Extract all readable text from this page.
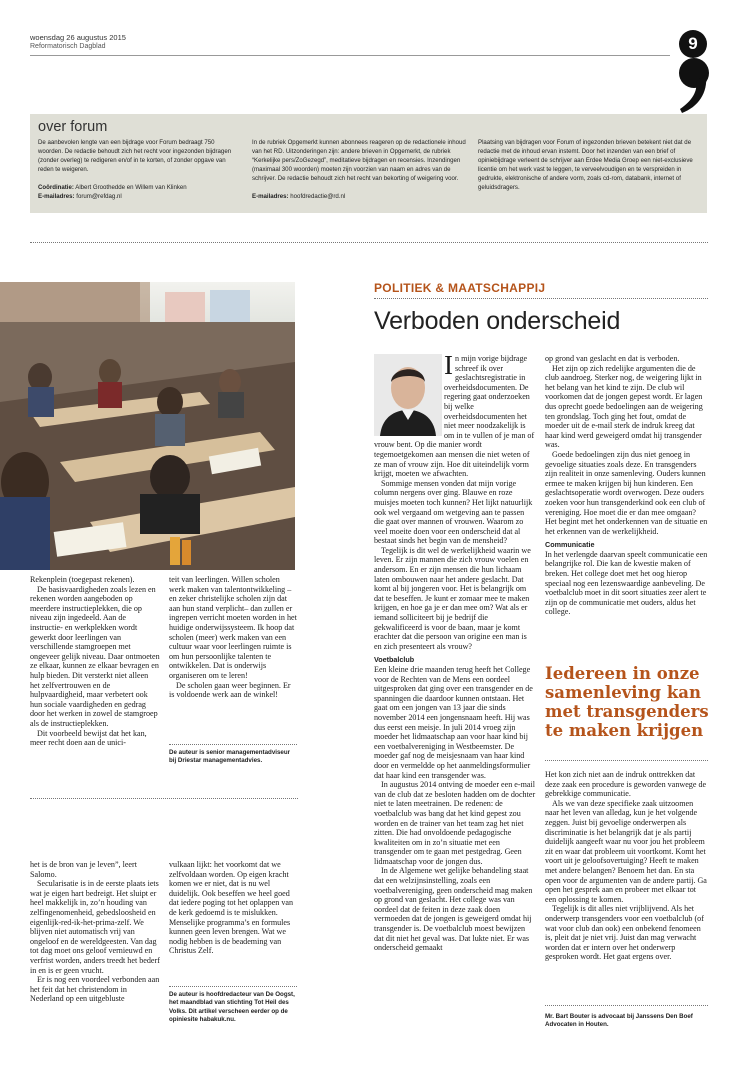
woensdag 26 augustus 2015
Reformatorisch Dagblad	9
over forum
De aanbevolen lengte van een bijdrage voor Forum bedraagt 750 woorden. De redactie behoudt zich het recht voor ingezonden bijdragen (zonder overleg) te redigeren en/of in te korten, of zonder opgave van reden te weigeren.
Coördinatie: Albert Groothedde en Willem van Klinken
E-mailadres: forum@refdag.nl
In de rubriek Opgemerkt kunnen abonnees reageren op de redactionele inhoud van het RD. Uitzonderingen zijn: andere brieven in Opgemerkt, de rubriek “Kerkelijke pers/ZoGezegd”, meditatieve bijdragen en recensies. Inzendingen (maximaal 300 woorden) moeten zijn voorzien van naam en adres van de schrijver. De redactie behoudt zich het recht van bekorting of weigering voor.
E-mailadres: hoofdredactie@rd.nl
Plaatsing van bijdragen voor Forum of ingezonden brieven betekent niet dat de redactie met de inhoud ervan instemt. Door het inzenden van een brief of opiniebijdrage verleent de schrijver aan Erdee Media Groep een niet-exclusieve licentie om het werk vast te leggen, te verveelvoudigen en te verspreiden in gedrukte, elektronische of andere vorm, zoals cd-rom, databank, internet of geluidsdragers.

Rekenplein (toegepast rekenen).

De basisvaardigheden zoals lezen en rekenen worden aangeboden op meerdere instructieplekken, die op niveau zijn ingedeeld. Aan de instructie- en werkplekken wordt gewerkt door leerlingen van verschillende stamgroepen met ongeveer gelijk niveau. Daar ontmoeten ze elkaar, kunnen ze elkaar bevragen en hulp bieden. Dit versterkt niet alleen het zelfvertrouwen en de hulpvaardigheid, maar verbetert ook hun sociale vaardigheden en gedrag door het werken in zowel de stamgroep als de instructieplekken.

Dit voorbeeld bewijst dat het kan, meer recht doen aan de unici-

teit van leerlingen. Willen scholen werk maken van talentontwikkeling –en zeker christelijke scholen zijn dat aan hun stand verplicht– dan zullen er ingrepen verricht moeten worden in het huidige onderwijssysteem. Ik hoop dat scholen (meer) werk maken van een cultuur waar voor leerlingen ruimte is om hun persoonlijke talenten te ontwikkelen. Dat is onderwijs organiseren om te leren!

De scholen gaan weer beginnen. Er is voldoende werk aan de winkel!

De auteur is senior managementadviseur bij Driestar managementadvies.

het is de bron van je leven”, leert Salomo.

Secularisatie is in de eerste plaats iets wat je eigen hart bedreigt. Het sluipt er heel makkelijk in, zo’n houding van zelfingenomenheid, gebedsloosheid en eigenlijk-red-ik-het-prima-zelf. We blijven niet automatisch vrij van ongeloof en de wereldgeesten. Van dag tot dag moet ons geloof vernieuwd en verfrist worden, anders treedt het bederf in en is er geen vrucht.

Er is nog een voordeel verbonden aan het feit dat het christendom in Nederland op een uitgebluste

vulkaan lijkt: het voorkomt dat we zelfvoldaan worden. Op eigen kracht komen we er niet, dat is nu wel duidelijk. Ook beseffen we heel goed dat iedere poging tot het oplappen van de kerk gedoemd is te mislukken. Menselijke programma’s en formules kunnen geen leven brengen. Wat we nodig hebben is de beademing van Christus Zelf.

De auteur is hoofdredacteur van De Oogst, het maandblad van stichting Tot Heil des Volks. Dit artikel verscheen eerder op de opiniesite habakuk.nu.
POLITIEK & MAATSCHAPPIJ
Verboden onderscheid

In mijn vorige bijdrage schreef ik over geslachtsregistratie in overheidsdocumenten. De regering gaat onderzoeken bij welke overheidsdocumenten het niet meer noodzakelijk is om in te vullen of je man of vrouw bent. Op die manier wordt tegemoetgekomen aan mensen die niet weten of ze man of vrouw zijn. Hoe dit uiteindelijk vorm krijgt, moeten we afwachten.

Sommige mensen vonden dat mijn vorige column nergens over ging. Blauwe en roze muisjes moeten toch kunnen? Het lijkt natuurlijk ook wel vergaand om wetgeving aan te passen die gaat over mannen of vrouwen. Waarom zo veel moeite doen voor een onderscheid dat al bestaat sinds het begin van de mensheid?

Tegelijk is dit wel de werkelijkheid waarin we leven. Er zijn mannen die zich vrouw voelen en andersom. En er zijn mensen die hun lichaam laten ombouwen naar het andere geslacht. Dat komt al bij jongeren voor. Het is belangrijk om dat te beseffen. Je kunt er zomaar mee te maken krijgen, en hoe ga je er dan mee om? Wat als er iemand solliciteert bij je bedrijf die gekwalificeerd is voor de baan, maar je komt erachter dat die persoon van origine een man is en zich presenteert als vrouw?

Voetbalclub

Een kleine drie maanden terug heeft het College voor de Rechten van de Mens een oordeel uitgesproken dat ging over een transgender en de spanningen die daardoor kunnen ontstaan. Het gaat om een jongen van 13 jaar die sinds november 2014 een jongensnaam heeft. Hij was dus eerst een meisje. In juli 2014 vroeg zijn moeder het lidmaatschap aan voor haar kind bij een voetbalvereniging in Westbeemster. De moeder gaf nog de meisjesnaam van haar kind door en vermeldde op het aanmeldingsformulier dat haar kind een transgender was.

In augustus 2014 ontving de moeder een e-mail van de club dat ze besloten hadden om de dochter niet te laten meetrainen. De redenen: de voetbalclub was bang dat het kind gepest zou worden en de trainer van het team zag het niet zitten. Die had onvoldoende pedagogische kwaliteiten om in zo’n situatie met een transgender om te gaan met pestgedrag. Geen lidmaatschap voor de jongen dus.

In de Algemene wet gelijke behandeling staat dat een welzijnsinstelling, zoals een voetbalvereniging, geen onderscheid mag maken op grond van geslacht. Het college was van oordeel dat de feiten in deze zaak doen vermoeden dat de jongen is geweigerd omdat hij transgender is. De voetbalclub moest bewijzen dat dit niet het geval was. Dat lukte niet. Er was onderscheid gemaakt

op grond van geslacht en dat is verboden.

Het zijn op zich redelijke argumenten die de club aandroeg. Sterker nog, de weigering lijkt in het belang van het kind te zijn. De club wil voorkomen dat de jongen gepest wordt. Er lagen dus oprecht goede bedoelingen aan de weigering ten grondslag. Toch ging het fout, omdat de moeder uit de e-mail sterk de indruk kreeg dat haar kind werd geweigerd omdat hij transgender was.

Goede bedoelingen zijn dus niet genoeg in gevoelige situaties zoals deze. En transgenders zijn realiteit in onze samenleving. Ouders kunnen ermee te maken krijgen bij hun kinderen. Een geslachtsoperatie wordt overwogen. Deze ouders zoeken voor hun transgenderkind ook een club of vereniging. Hoe moet die er dan mee omgaan? Het begint met het onderkennen van de situatie en het erkennen van de werkelijkheid.

Communicatie

In het verlengde daarvan speelt communicatie een belangrijke rol. Die kan de kwestie maken of breken. Het college doet met het oog hierop speciaal nog een lezenswaardige aanbeveling. De voetbalclub moet in dit soort situaties zeer alert te zijn op de communicatie met ouders, aldus het college.

Iedereen in onze samenleving kan met transgenders te maken krijgen

Het kon zich niet aan de indruk onttrekken dat deze zaak een procedure is geworden vanwege de gebrekkige communicatie.

Als we van deze specifieke zaak uitzoomen naar het leven van alledag, kun je het volgende zeggen. Juist bij gevoelige onderwerpen als discriminatie is het belangrijk dat je als partij duidelijk aangeeft waar nu voor jou het probleem zit en waar dat probleem uit voortkomt. Komt het voort uit je geloofsovertuiging? Heeft te maken met andere belangen? Benoem het dan. En sta open voor de argumenten van de andere partij. Ga open het gesprek aan en probeer met elkaar tot een oplossing te komen.

Tegelijk is dit alles niet vrijblijvend. Als het onderwerp transgenders voor een voetbalclub (of wat voor club dan ook) een onbekend fenomeen is, pleit dat je niet vrij. Juist dan mag verwacht worden dat er intern over het onderwerp gesproken wordt. Het gaat ergens over.

Mr. Bart Bouter is advocaat bij Janssens Den Boef Advocaten in Houten.
